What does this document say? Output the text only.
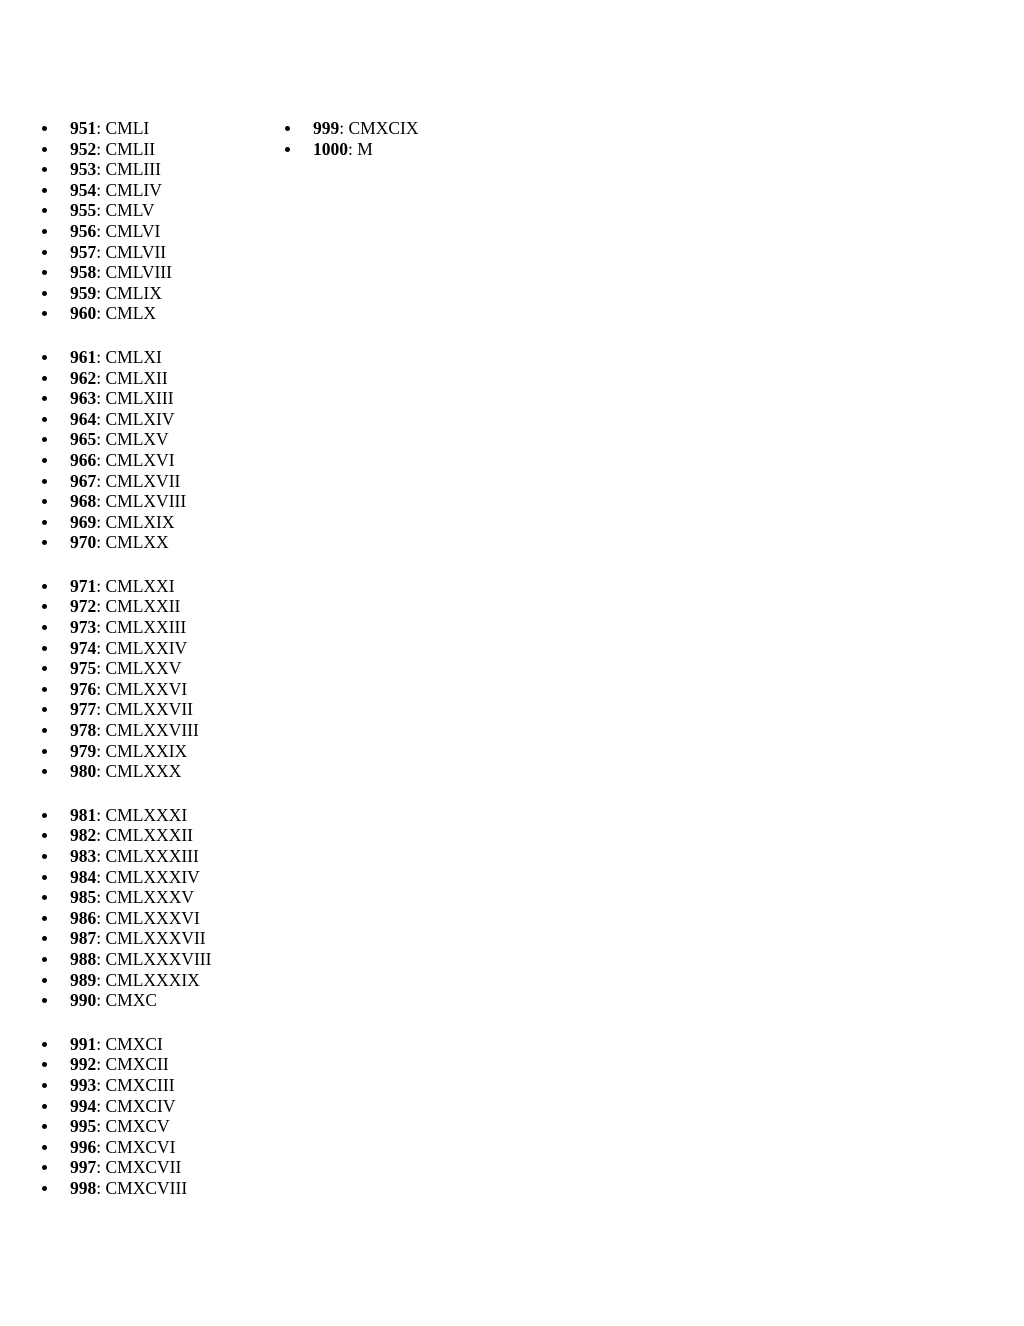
951: CMLI
952: CMLII
953: CMLIII
954: CMLIV
955: CMLV
956: CMLVI
957: CMLVII
958: CMLVIII
959: CMLIX
960: CMLX
961: CMLXI
962: CMLXII
963: CMLXIII
964: CMLXIV
965: CMLXV
966: CMLXVI
967: CMLXVII
968: CMLXVIII
969: CMLXIX
970: CMLXX
971: CMLXXI
972: CMLXXII
973: CMLXXIII
974: CMLXXIV
975: CMLXXV
976: CMLXXVI
977: CMLXXVII
978: CMLXXVIII
979: CMLXXIX
980: CMLXXX
981: CMLXXXI
982: CMLXXXII
983: CMLXXXIII
984: CMLXXXIV
985: CMLXXXV
986: CMLXXXVI
987: CMLXXXVII
988: CMLXXXVIII
989: CMLXXXIX
990: CMXC
991: CMXCI
992: CMXCII
993: CMXCIII
994: CMXCIV
995: CMXCV
996: CMXCVI
997: CMXCVII
998: CMXCVIII
999: CMXCIX
1000: M
